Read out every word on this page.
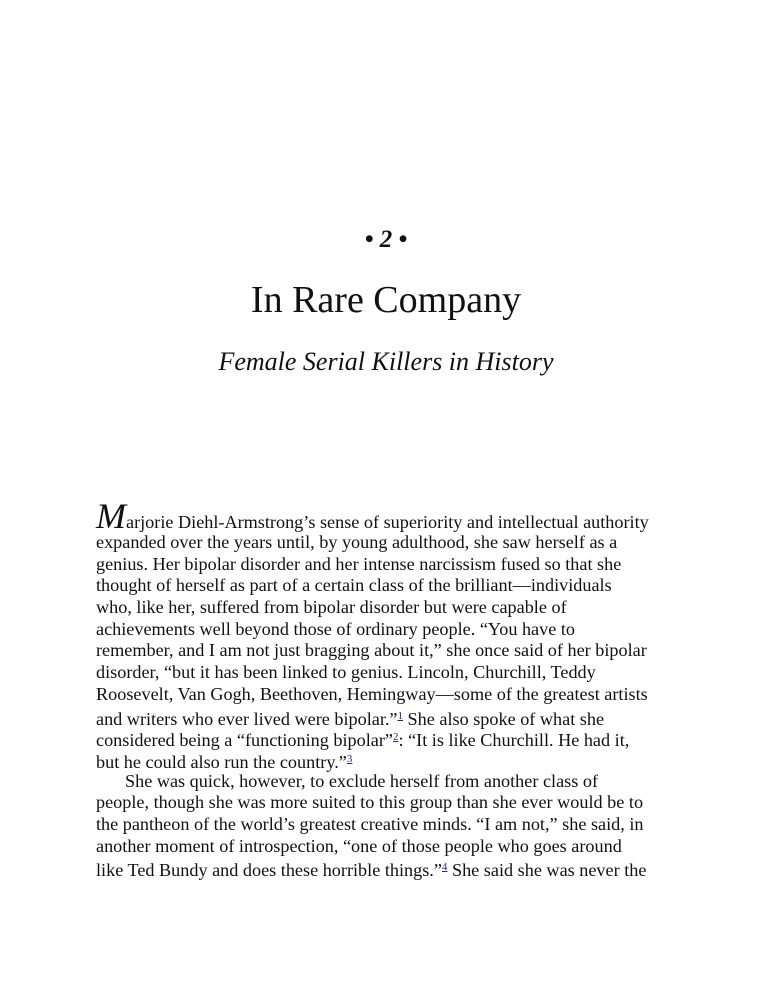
• 2 •
In Rare Company
Female Serial Killers in History
Marjorie Diehl-Armstrong’s sense of superiority and intellectual authority
expanded over the years until, by young adulthood, she saw herself as a
genius. Her bipolar disorder and her intense narcissism fused so that she
thought of herself as part of a certain class of the brilliant—individuals
who, like her, suffered from bipolar disorder but were capable of
achievements well beyond those of ordinary people. “You have to
remember, and I am not just bragging about it,” she once said of her bipolar
disorder, “but it has been linked to genius. Lincoln, Churchill, Teddy
Roosevelt, Van Gogh, Beethoven, Hemingway—some of the greatest artists
and writers who ever lived were bipolar.”$^1$ She also spoke of what she
considered being a “functioning bipolar”$^2$: “It is like Churchill. He had it,
but he could also run the country.”$^3$
She was quick, however, to exclude herself from another class of
people, though she was more suited to this group than she ever would be to
the pantheon of the world’s greatest creative minds. “I am not,” she said, in
another moment of introspection, “one of those people who goes around
like Ted Bundy and does these horrible things.”$^4$ She said she was never the
